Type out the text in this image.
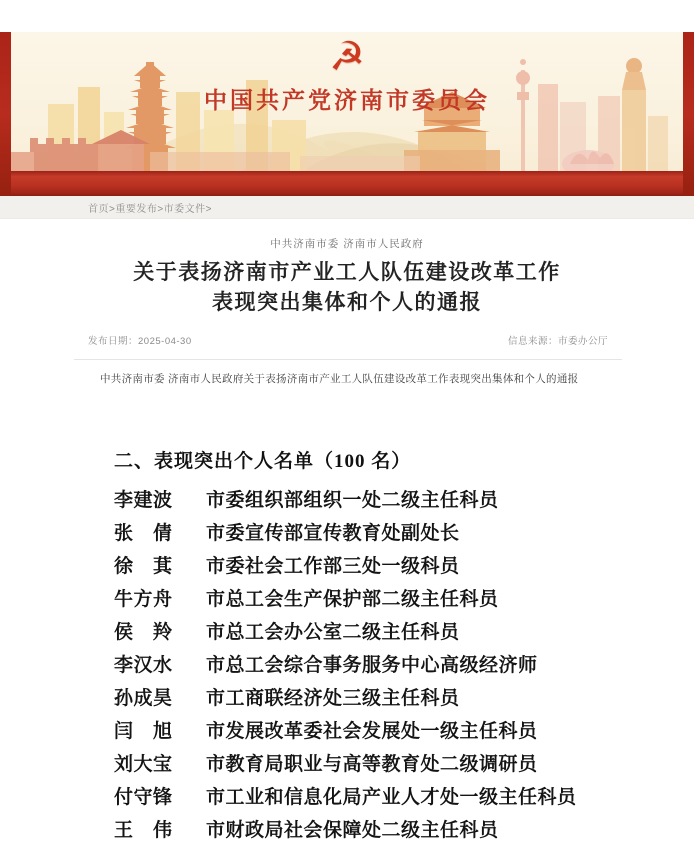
☭
中国共产党济南市委员会
首页>重要发布>市委文件>
中共济南市委 济南市人民政府
关于表扬济南市产业工人队伍建设改革工作
表现突出集体和个人的通报
发布日期：2025-04-30	信息来源：市委办公厅
中共济南市委 济南市人民政府关于表扬济南市产业工人队伍建设改革工作表现突出集体和个人的通报
二、表现突出个人名单（100 名）
李建波 市委组织部组织一处二级主任科员
张　倩 市委宣传部宣传教育处副处长
徐　萁 市委社会工作部三处一级科员
牛方舟 市总工会生产保护部二级主任科员
侯　羚 市总工会办公室二级主任科员
李汉水 市总工会综合事务服务中心高级经济师
孙成昊 市工商联经济处三级主任科员
闫　旭 市发展改革委社会发展处一级主任科员
刘大宝 市教育局职业与高等教育处二级调研员
付守锋 市工业和信息化局产业人才处一级主任科员
王　伟 市财政局社会保障处二级主任科员
